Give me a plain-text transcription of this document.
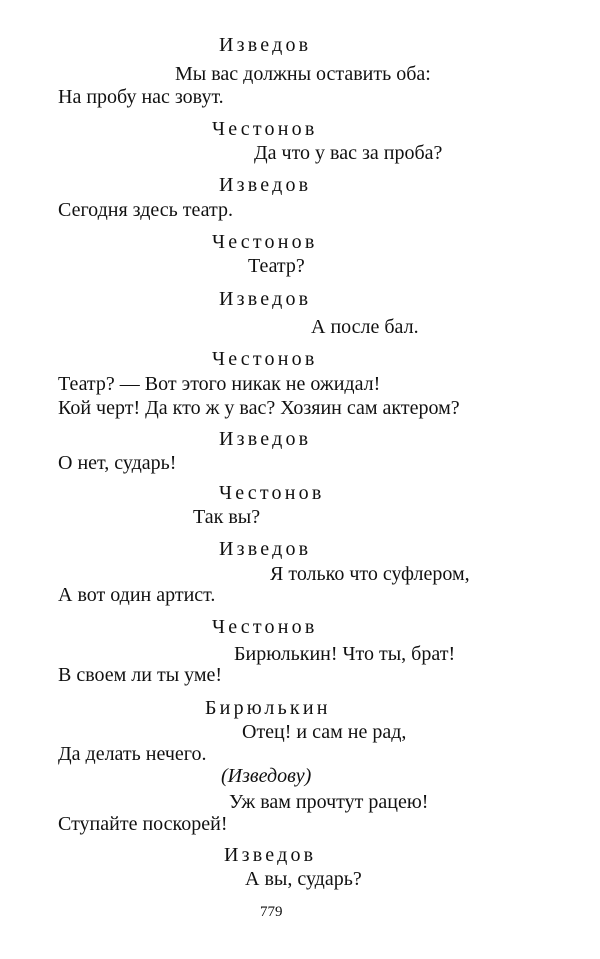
Изведов
Мы вас должны оставить оба:
На пробу нас зовут.
Честонов
Да что у вас за проба?
Изведов
Сегодня здесь театр.
Честонов
Театр?
Изведов
А после бал.
Честонов
Театр? — Вот этого никак не ожидал!
Кой черт! Да кто ж у вас? Хозяин сам актером?
Изведов
О нет, сударь!
Честонов
Так вы?
Изведов
Я только что суфлером,
А вот один артист.
Честонов
Бирюлькин! Что ты, брат!
В своем ли ты уме!
Бирюлькин
Отец! и сам не рад,
Да делать нечего.
(Изведову)
Уж вам прочтут рацею!
Ступайте поскорей!
Изведов
А вы, сударь?
779
